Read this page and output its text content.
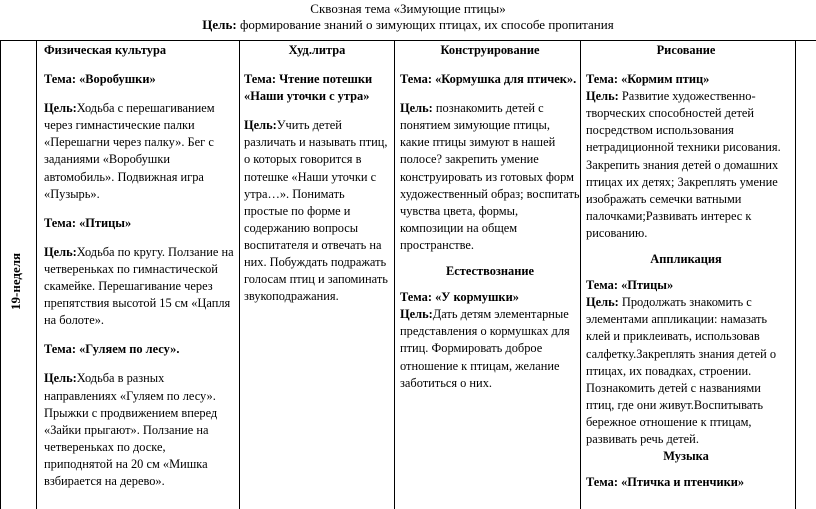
Сквозная тема «Зимующие птицы»
Цель: формирование знаний о зимующих птицах, их способе пропитания
19-неделя

Физическая культура

Тема: «Воробушки»

Цель:Ходьба с перешагиванием через гимнастические палки «Перешагни через палку». Бег с заданиями «Воробушки автомобиль». Подвижная игра «Пузырь».

Тема: «Птицы»

Цель:Ходьба по кругу. Ползание на четвереньках по гимнастической скамейке. Перешагивание через препятствия высотой 15 см «Цапля на болоте».

Тема: «Гуляем по лесу».

Цель:Ходьба в разных направлениях «Гуляем по лесу». Прыжки с продвижением вперед «Зайки прыгают». Ползание на четвереньках по доске, приподнятой на 20 см «Мишка взбирается на дерево».

Худ.литра

Тема: Чтение потешки «Наши уточки с утра»

Цель:Учить детей различать и называть птиц, о которых говорится в потешке «Наши уточки с утра…». Понимать простые по форме и содержанию вопросы воспитателя и отвечать на них. Побуждать подражать голосам птиц и запоминать звукоподражания.

Конструирование

Тема: «Кормушка для птичек».

Цель: познакомить детей с понятием зимующие птицы, какие птицы зимуют в нашей полосе? закрепить умение конструировать из готовых форм художественный образ; воспитать чувства цвета, формы, композиции на общем пространстве.

Естествознание

Тема: «У кормушки»

Цель:Дать детям элементарные представления о кормушках для птиц. Формировать доброе отношение к птицам, желание заботиться о них.

Рисование

Тема: «Кормим птиц»

Цель: Развитие художественно-творческих способностей детей посредством использования нетрадиционной техники рисования. Закрепить знания детей о домашних птицах их детях; Закреплять умение изображать семечки ватными палочками;Развивать интерес к рисованию.

Аппликация

Тема: «Птицы»

Цель: Продолжать знакомить с элементами аппликации: намазать клей и приклеивать, использовав салфетку.Закреплять знания детей о птицах, их повадках, строении. Познакомить детей с названиями птиц, где они живут.Воспитывать бережное отношение к птицам, развивать речь детей.

Музыка

Тема: «Птичка и птенчики»
